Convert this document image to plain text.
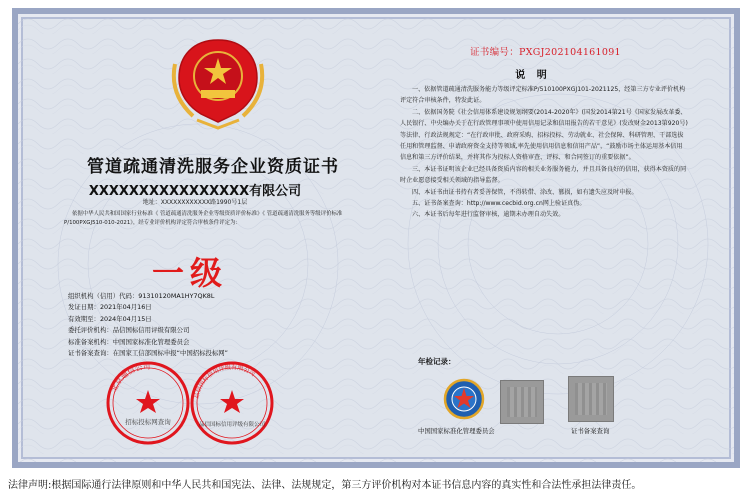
管道疏通清洗服务企业资质证书
XXXXXXXXXXXXXXXX有限公司
地址：XXXXXXXXXXXX路1990号1层
依据中华人民共和国国家行业标准《 管道疏通清洗服务企业等级资质评价标准》《 管道疏通清洗服务等级评价标准P/100PXGJ510-010-2021》，经专业评价机构评定符合审核条件评定为：
一级
组织机构（信用）代码：91310120MA1HY7QK8L
发证日期：2021年04月16日
有效期至：2024年04月15日
委托评价机构：品信国标信用评级有限公司
标准备案机构：中国国家标准化管理委员会
证书备案查询：在国家工信部国标申报“中国招标投标网”
北京通信公司
招标投标网查询
品信国标信用评级有限公司
品信国标信用评级有限公司
证书编号：PXGJ202104161091
说 明

一、依据管道疏通清洗服务能力等级评定标准P/510100PXGJ101-2021125，经第三方专业评价机构评定符合审核条件，特发此证。

二、依据国务院《社会信用体系建设规划纲要(2014-2020年》(国发2014第21号《国家发展改革委、人民银行、中央编办关于在行政管理事项中使用信用记录和信用报告的若干意见》(发改财金2013第920号)等法律、行政法规规定：“在行政审批、政府采购、招标投标、劳动就业、社会保障、科研管理、干部选拔任用和管理监督、申请政府资金支持等领域,率先使用信用信息和信用产品”，“鼓励市场主体运用基本信用信息和第三方评价结果，并将其作为投标人资格审查、评标、和合同签订的重要依据”。

三、本证书证明该企业已经具备资质内容的相关业务服务能力，并且具备良好的信用，获得本资质的同时企业愿意接受相关领域的指导监督。

四、本证书由证书持有者妥善保管，不得转借、涂改、篡损，如有遗失应及时申报。

五、证书备案查询：http://www.cecbid.org.cn网上验证真伪。

六、本证书后每年进行监督审核，逾期未办理自动失效。

年检记录：
中国国家标准化管理委员会	证书备案查询
法律声明:根据国际通行法律原则和中华人民共和国宪法、法律、法规规定，第三方评价机构对本证书信息内容的真实性和合法性承担法律责任。
